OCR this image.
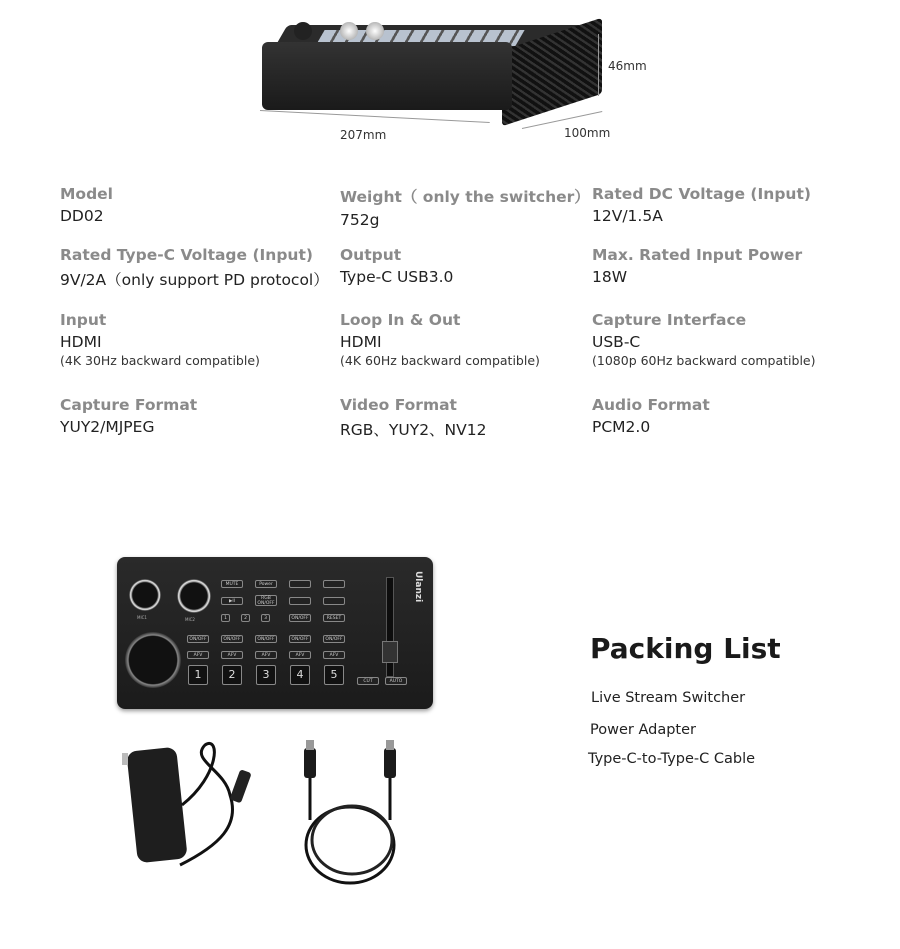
207mm	100mm
46mm
Model
DD02
Weight（ only the switcher）
752g
Rated DC Voltage (Input)
12V/1.5A
Rated Type-C Voltage (Input)
9V/2A（only support PD protocol）
Output
Type-C USB3.0
Max. Rated Input Power
18W
Input
HDMI
(4K 30Hz backward compatible)
Loop In & Out
HDMI
(4K 60Hz backward compatible)
Capture Interface
USB-C
(1080p 60Hz backward compatible)
Capture Format
YUY2/MJPEG
Video Format
RGB、YUY2、NV12
Audio Format
PCM2.0
MIC1	MIC2
MUTE	Power
▶II
RGB ON/OFF
1	2	3	ON/OFF	RESET
ON/OFF
AFV
1
ON/OFF
AFV
2
ON/OFF
AFV
3
ON/OFF
AFV
4
ON/OFF
AFV
5
Ulanzi
CUT	AUTO
Packing List
Live Stream Switcher
Power Adapter
Type-C-to-Type-C Cable
